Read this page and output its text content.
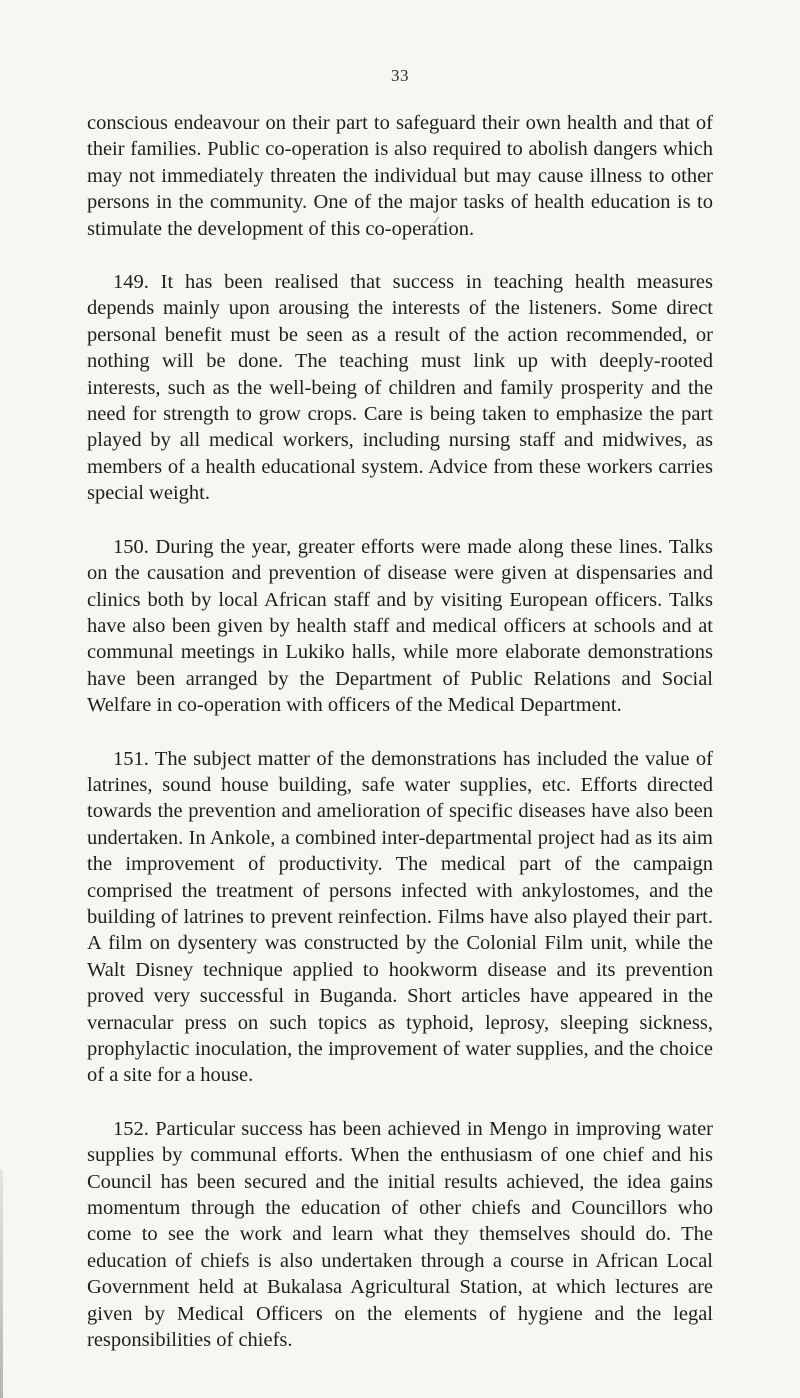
33

conscious endeavour on their part to safeguard their own health and that of their families. Public co-operation is also required to abolish dangers which may not immediately threaten the individual but may cause illness to other persons in the community. One of the major tasks of health education is to stimulate the development of this co-operation.

149. It has been realised that success in teaching health measures depends mainly upon arousing the interests of the listeners. Some direct personal benefit must be seen as a result of the action recommended, or nothing will be done. The teaching must link up with deeply-rooted interests, such as the well-being of children and family prosperity and the need for strength to grow crops. Care is being taken to emphasize the part played by all medical workers, including nursing staff and midwives, as members of a health educational system. Advice from these workers carries special weight.

150. During the year, greater efforts were made along these lines. Talks on the causation and prevention of disease were given at dispensaries and clinics both by local African staff and by visiting European officers. Talks have also been given by health staff and medical officers at schools and at communal meetings in Lukiko halls, while more elaborate demonstrations have been arranged by the Department of Public Relations and Social Welfare in co-operation with officers of the Medical Department.

151. The subject matter of the demonstrations has included the value of latrines, sound house building, safe water supplies, etc. Efforts directed towards the prevention and amelioration of specific diseases have also been undertaken. In Ankole, a combined inter-departmental project had as its aim the improvement of productivity. The medical part of the campaign comprised the treatment of persons infected with ankylostomes, and the building of latrines to prevent reinfection. Films have also played their part. A film on dysentery was constructed by the Colonial Film unit, while the Walt Disney technique applied to hookworm disease and its prevention proved very successful in Buganda. Short articles have appeared in the vernacular press on such topics as typhoid, leprosy, sleeping sickness, prophylactic inoculation, the improvement of water supplies, and the choice of a site for a house.

152. Particular success has been achieved in Mengo in improving water supplies by communal efforts. When the enthusiasm of one chief and his Council has been secured and the initial results achieved, the idea gains momentum through the education of other chiefs and Councillors who come to see the work and learn what they themselves should do. The education of chiefs is also undertaken through a course in African Local Government held at Bukalasa Agricultural Station, at which lectures are given by Medical Officers on the elements of hygiene and the legal responsibilities of chiefs.
